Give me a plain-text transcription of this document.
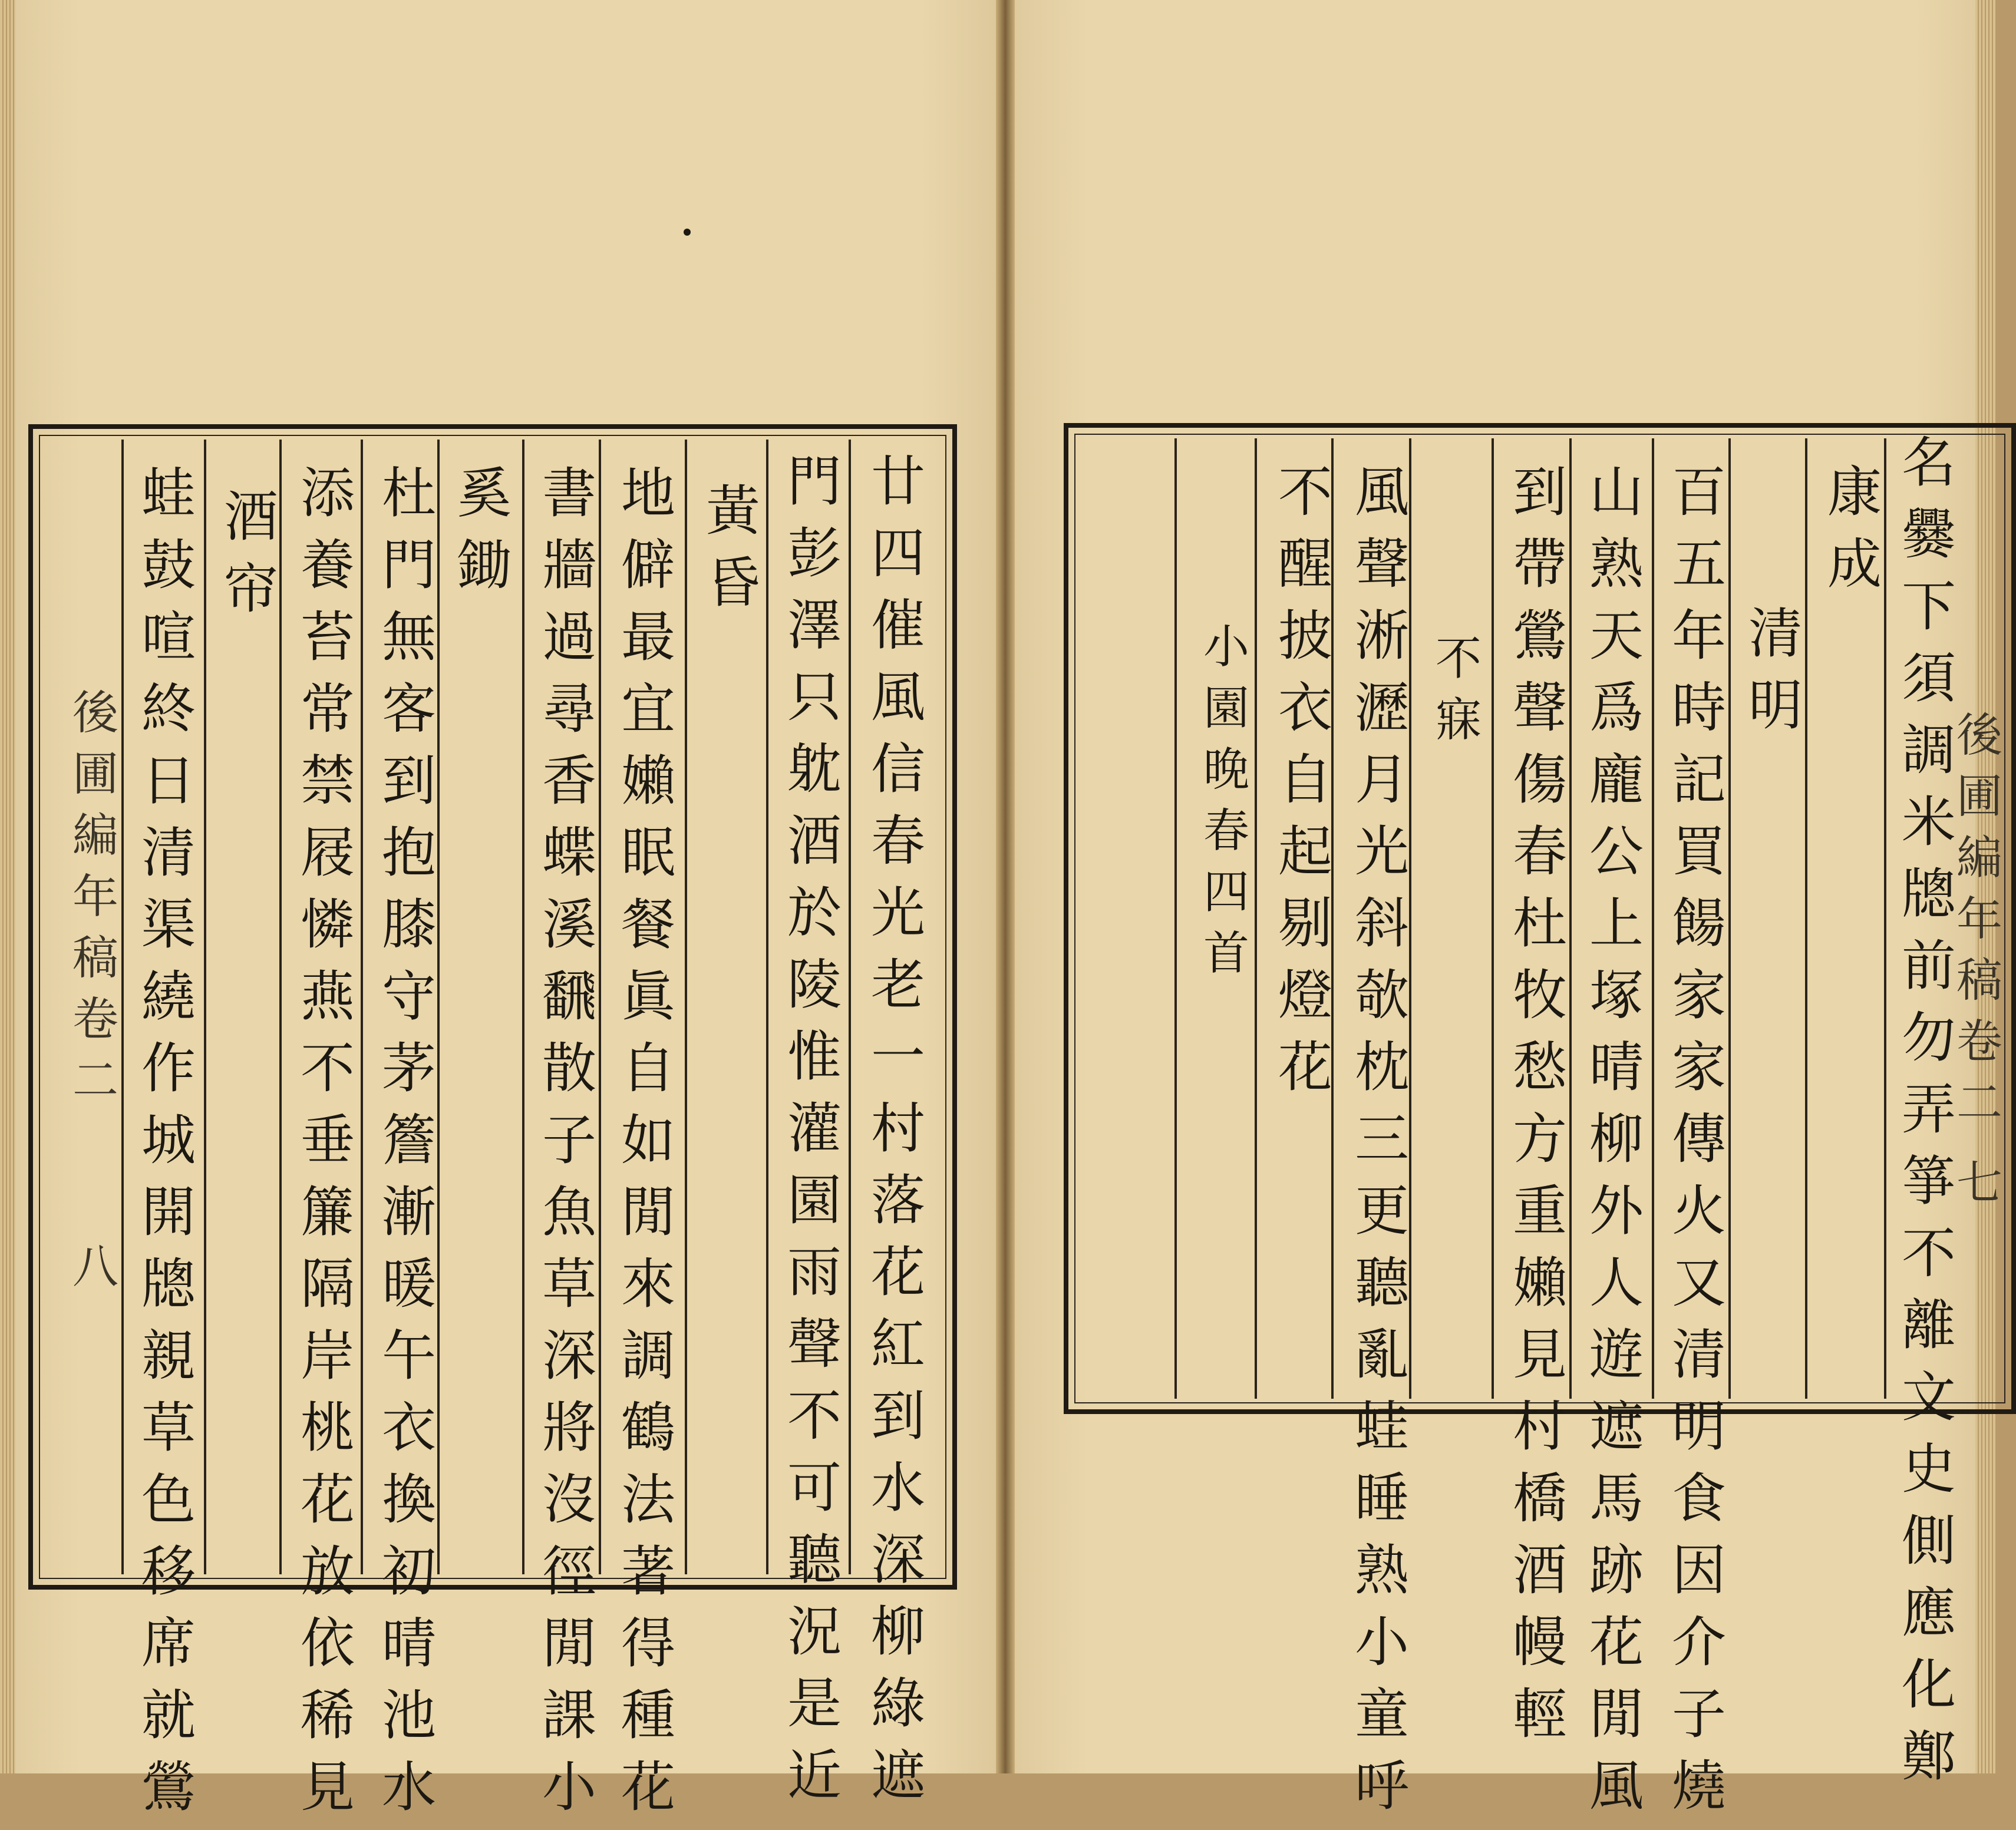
廿四催風信春光老一村落花紅到水深柳綠遮
門彭澤只躭酒於陵惟灌園雨聲不可聽況是近
黃昏
地僻最宜嬾眠餐眞自如閒來調鶴法著得種花
書牆過尋香蝶溪飜散子魚草深將沒徑閒課小
奚鋤
杜門無客到抱膝守茅簷漸暖午衣換初晴池水
添養苔常禁屐憐燕不垂簾隔岸桃花放依稀見
酒帘
蛙鼓喧終日清渠繞作城開牕親草色移席就鶯
後圃編年稿卷二
八	名爨下須調米牕前勿弄箏不離文史側應化鄭
康成
清明
百五年時記買餳家家傳火又清明食因介子燒
山熟天爲龐公上塚晴柳外人遊遮馬跡花閒風
到帶鶯聲傷春杜牧愁方重嬾見村橋酒幔輕
不寐
風聲淅瀝月光斜欹枕三更聽亂蛙睡熟小童呼
不醒披衣自起剔燈花
小園晚春四首	後圃編年稿卷二
七
